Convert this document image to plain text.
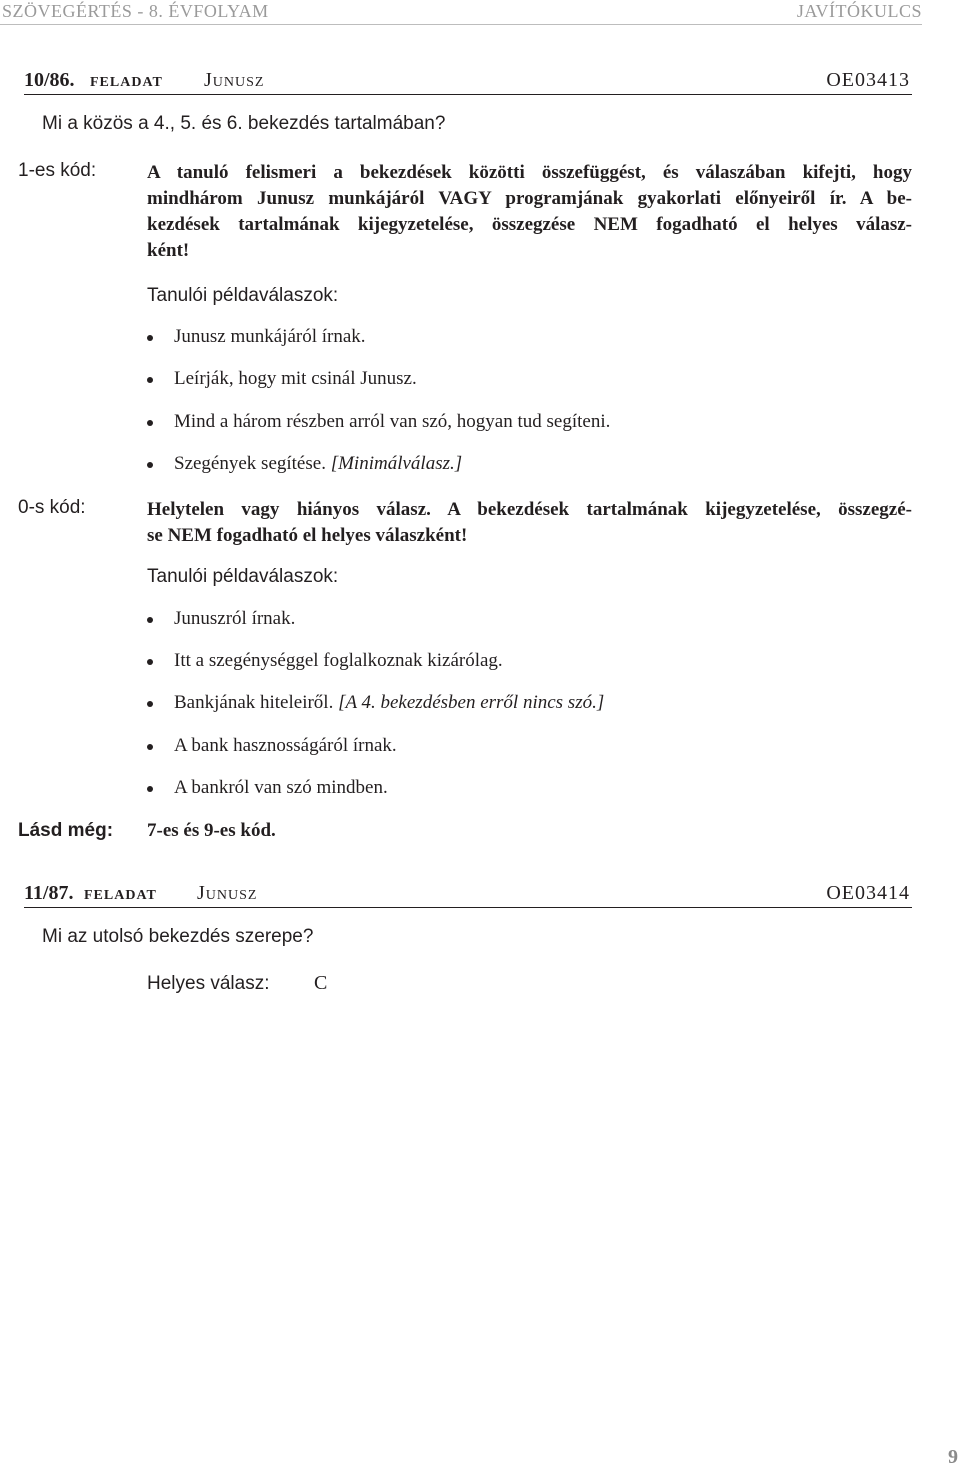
SZÖVEGÉRTÉS - 8. ÉVFOLYAM	JAVÍTÓKULCS
10/86. feladat Junusz	OE03413
Mi a közös a 4., 5. és 6. bekezdés tartalmában?
1-es kód:	A tanuló felismeri a bekezdések közötti összefüggést, és válaszában kifejti, hogy

mindhárom Junusz munkájáról VAGY programjának gyakorlati előnyeiről ír. A be-

kezdések tartalmának kijegyzetelése, összegzése NEM fogadható el helyes válasz-

ként!

Tanulói példaválaszok:
Junusz munkájáról írnak.
Leírják, hogy mit csinál Junusz.
Mind a három részben arról van szó, hogyan tud segíteni.
Szegények segítése. [Minimálválasz.]
0-s kód:	Helytelen vagy hiányos válasz. A bekezdések tartalmának kijegyzetelése, összegzé-

se NEM fogadható el helyes válaszként!

Tanulói példaválaszok:
Junuszról írnak.
Itt a szegénységgel foglalkoznak kizárólag.
Bankjának hiteleiről. [A 4. bekezdésben erről nincs szó.]
A bank hasznosságáról írnak.
A bankról van szó mindben.
Lásd még: 7-es és 9-es kód.
11/87. feladat Junusz	OE03414
Mi az utolsó bekezdés szerepe?
Helyes válasz: C
9
